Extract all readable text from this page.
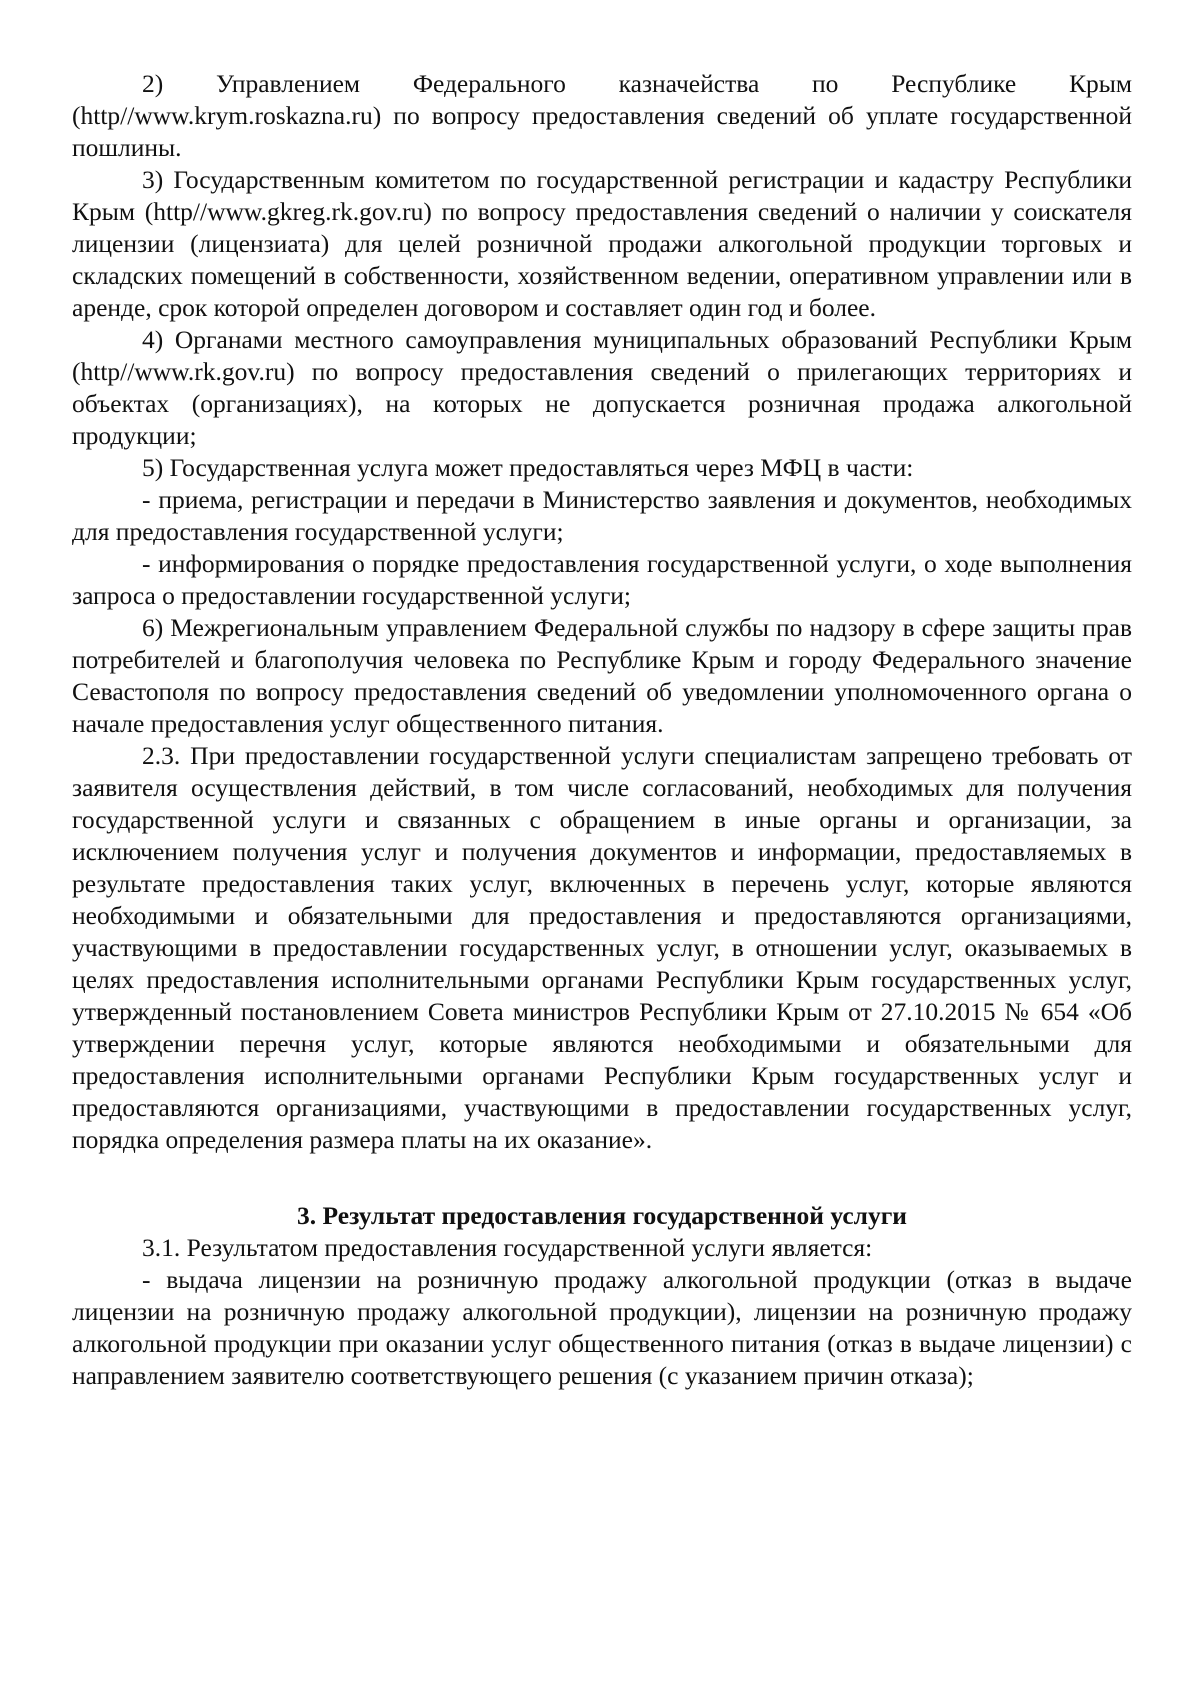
2) Управлением Федерального казначейства по Республике Крым (http//www.krym.roskazna.ru) по вопросу предоставления сведений об уплате государственной пошлины.

3) Государственным комитетом по государственной регистрации и кадастру Республики Крым (http//www.gkreg.rk.gov.ru) по вопросу предоставления сведений о наличии у соискателя лицензии (лицензиата) для целей розничной продажи алкогольной продукции торговых и складских помещений в собственности, хозяйственном ведении, оперативном управлении или в аренде, срок которой определен договором и составляет один год и более.

4) Органами местного самоуправления муниципальных образований Республики Крым (http//www.rk.gov.ru) по вопросу предоставления сведений о прилегающих территориях и объектах (организациях), на которых не допускается розничная продажа алкогольной продукции;

5) Государственная услуга может предоставляться через МФЦ в части:

- приема, регистрации и передачи в Министерство заявления и документов, необходимых для предоставления государственной услуги;

- информирования о порядке предоставления государственной услуги, о ходе выполнения запроса о предоставлении государственной услуги;

6) Межрегиональным управлением Федеральной службы по надзору в сфере защиты прав потребителей и благополучия человека по Республике Крым и городу Федерального значение Севастополя по вопросу предоставления сведений об уведомлении уполномоченного органа о начале предоставления услуг общественного питания.

2.3. При предоставлении государственной услуги специалистам запрещено требовать от заявителя осуществления действий, в том числе согласований, необходимых для получения государственной услуги и связанных с обращением в иные органы и организации, за исключением получения услуг и получения документов и информации, предоставляемых в результате предоставления таких услуг, включенных в перечень услуг, которые являются необходимыми и обязательными для предоставления и предоставляются организациями, участвующими в предоставлении государственных услуг, в отношении услуг, оказываемых в целях предоставления исполнительными органами Республики Крым государственных услуг, утвержденный постановлением Совета министров Республики Крым от 27.10.2015 № 654 «Об утверждении перечня услуг, которые являются необходимыми и обязательными для предоставления исполнительными органами Республики Крым государственных услуг и предоставляются организациями, участвующими в предоставлении государственных услуг, порядка определения размера платы на их оказание».

3. Результат предоставления государственной услуги

3.1. Результатом предоставления государственной услуги является:

- выдача лицензии на розничную продажу алкогольной продукции (отказ в выдаче лицензии на розничную продажу алкогольной продукции), лицензии на розничную продажу алкогольной продукции при оказании услуг общественного питания (отказ в выдаче лицензии) с направлением заявителю соответствующего решения (с указанием причин отказа);
